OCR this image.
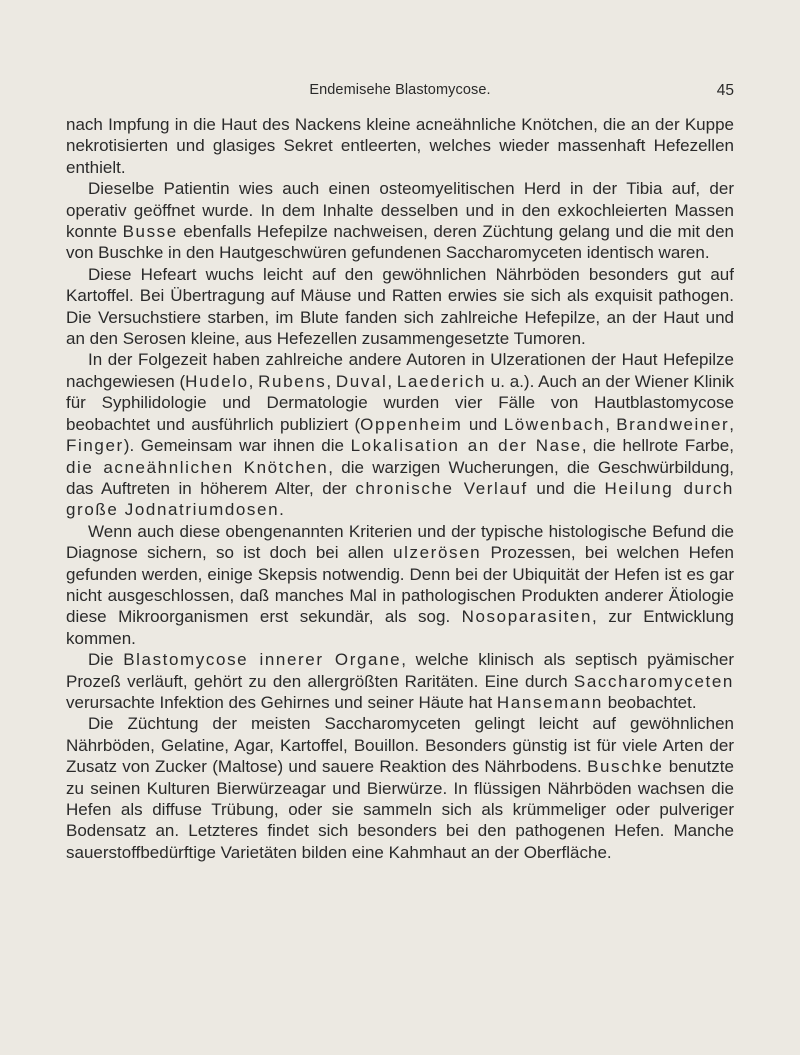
Endemisehe Blastomycose.	45

nach Impfung in die Haut des Nackens kleine acneähnliche Knötchen, die an der Kuppe nekrotisierten und glasiges Sekret entleerten, welches wieder massenhaft Hefezellen enthielt.

Dieselbe Patientin wies auch einen osteomyelitischen Herd in der Tibia auf, der operativ geöffnet wurde. In dem Inhalte desselben und in den exkochleierten Massen konnte Busse ebenfalls Hefepilze nachweisen, deren Züchtung gelang und die mit den von Buschke in den Hautgeschwüren gefundenen Saccharomyceten identisch waren.

Diese Hefeart wuchs leicht auf den gewöhnlichen Nährböden besonders gut auf Kartoffel. Bei Übertragung auf Mäuse und Ratten erwies sie sich als exquisit pathogen. Die Versuchstiere starben, im Blute fanden sich zahlreiche Hefepilze, an der Haut und an den Serosen kleine, aus Hefezellen zusammengesetzte Tumoren.

In der Folgezeit haben zahlreiche andere Autoren in Ulzerationen der Haut Hefepilze nachgewiesen (Hudelo, Rubens, Duval, Laederich u. a.). Auch an der Wiener Klinik für Syphilidologie und Dermatologie wurden vier Fälle von Hautblastomycose beobachtet und ausführlich publiziert (Oppenheim und Löwenbach, Brandweiner, Finger). Gemeinsam war ihnen die Lokalisation an der Nase, die hellrote Farbe, die acneähnlichen Knötchen, die warzigen Wucherungen, die Geschwürbildung, das Auftreten in höherem Alter, der chronische Verlauf und die Heilung durch große Jodnatriumdosen.

Wenn auch diese obengenannten Kriterien und der typische histologische Befund die Diagnose sichern, so ist doch bei allen ulzerösen Prozessen, bei welchen Hefen gefunden werden, einige Skepsis notwendig. Denn bei der Ubiquität der Hefen ist es gar nicht ausgeschlossen, daß manches Mal in pathologischen Produkten anderer Ätiologie diese Mikroorganismen erst sekundär, als sog. Nosoparasiten, zur Entwicklung kommen.

Die Blastomycose innerer Organe, welche klinisch als septisch pyämischer Prozeß verläuft, gehört zu den allergrößten Raritäten. Eine durch Saccharomyceten verursachte Infektion des Gehirnes und seiner Häute hat Hansemann beobachtet.

Die Züchtung der meisten Saccharomyceten gelingt leicht auf gewöhnlichen Nährböden, Gelatine, Agar, Kartoffel, Bouillon. Besonders günstig ist für viele Arten der Zusatz von Zucker (Maltose) und sauere Reaktion des Nährbodens. Buschke benutzte zu seinen Kulturen Bierwürzeagar und Bierwürze. In flüssigen Nährböden wachsen die Hefen als diffuse Trübung, oder sie sammeln sich als krümmeliger oder pulveriger Bodensatz an. Letzteres findet sich besonders bei den pathogenen Hefen. Manche sauerstoffbedürftige Varietäten bilden eine Kahmhaut an der Oberfläche.
